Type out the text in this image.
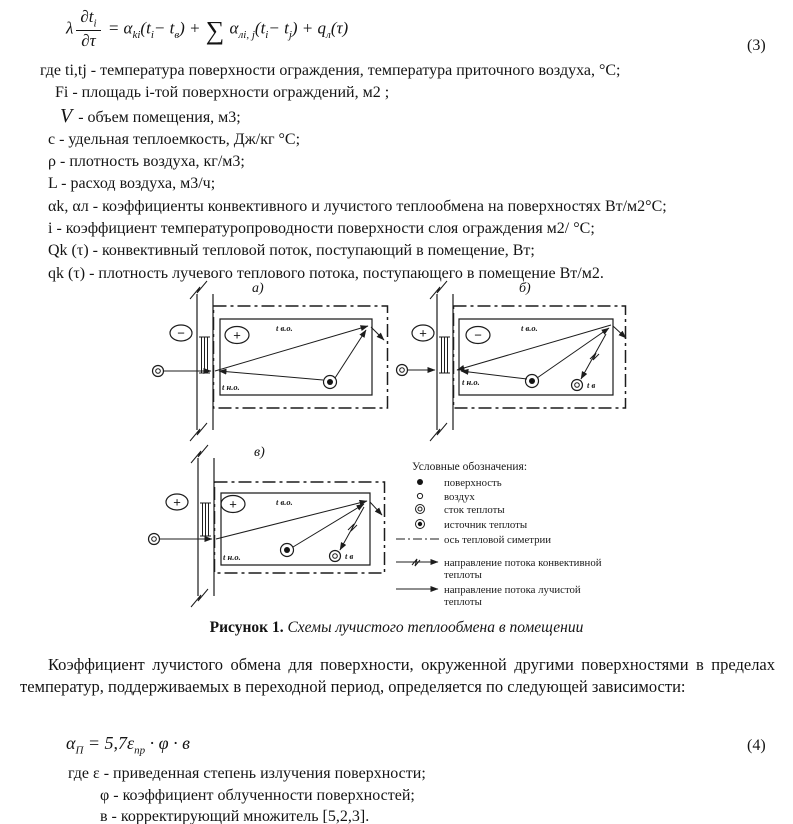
λ $\frac{\partial t_i}{\partial\tau} = \alpha_{ki}(t_i- t_в)$ + ∑ $\alpha_{лi, j}(t_i- t_j) + q_л(\tau)$
(3)
где ti,tj - температура поверхности ограждения, температура приточного воздуха, °С;
Fi - площадь i-той поверхности ограждений, м2 ;
V - объем помещения, м3;
с - удельная теплоемкость, Дж/кг °С;
ρ - плотность воздуха, кг/м3;
L - расход воздуха, м3/ч;
αk, αл - коэффициенты конвективного и лучистого теплообмена на поверхностях Вт/м2°С;
i - коэффициент температуропроводности поверхности слоя ограждения м2/ °С;
Qk (τ) - конвективный тепловой поток, поступающий в помещение, Вт;
qk (τ) - плотность лучевого теплового потока, поступающего в помещение Вт/м2.
а)
−	+	t в.о.
t н.о.
б)
+	−	t в.о.
t н.о.	t в
в)
+	+	t в.о.
t н.о.	t в
Условные обозначения:
поверхность
воздух
сток теплоты
источник теплоты
ось тепловой симетрии
направление потока конвективной
теплоты
направление потока лучистой
теплоты
Рисунок 1. Схемы лучистого теплообмена в помещении
Коэффициент лучистого обмена для поверхности, окруженной другими поверхностями в пределах температур, поддерживаемых в переходной период, определяется по следующей зависимости:
$\alpha_П = 5,7\varepsilon_{пр} \cdot \varphi \cdot в$	(4)
где ε - приведенная степень излучения поверхности;
φ - коэффициент облученности поверхностей;
в - корректирующий множитель [5,2,3].
